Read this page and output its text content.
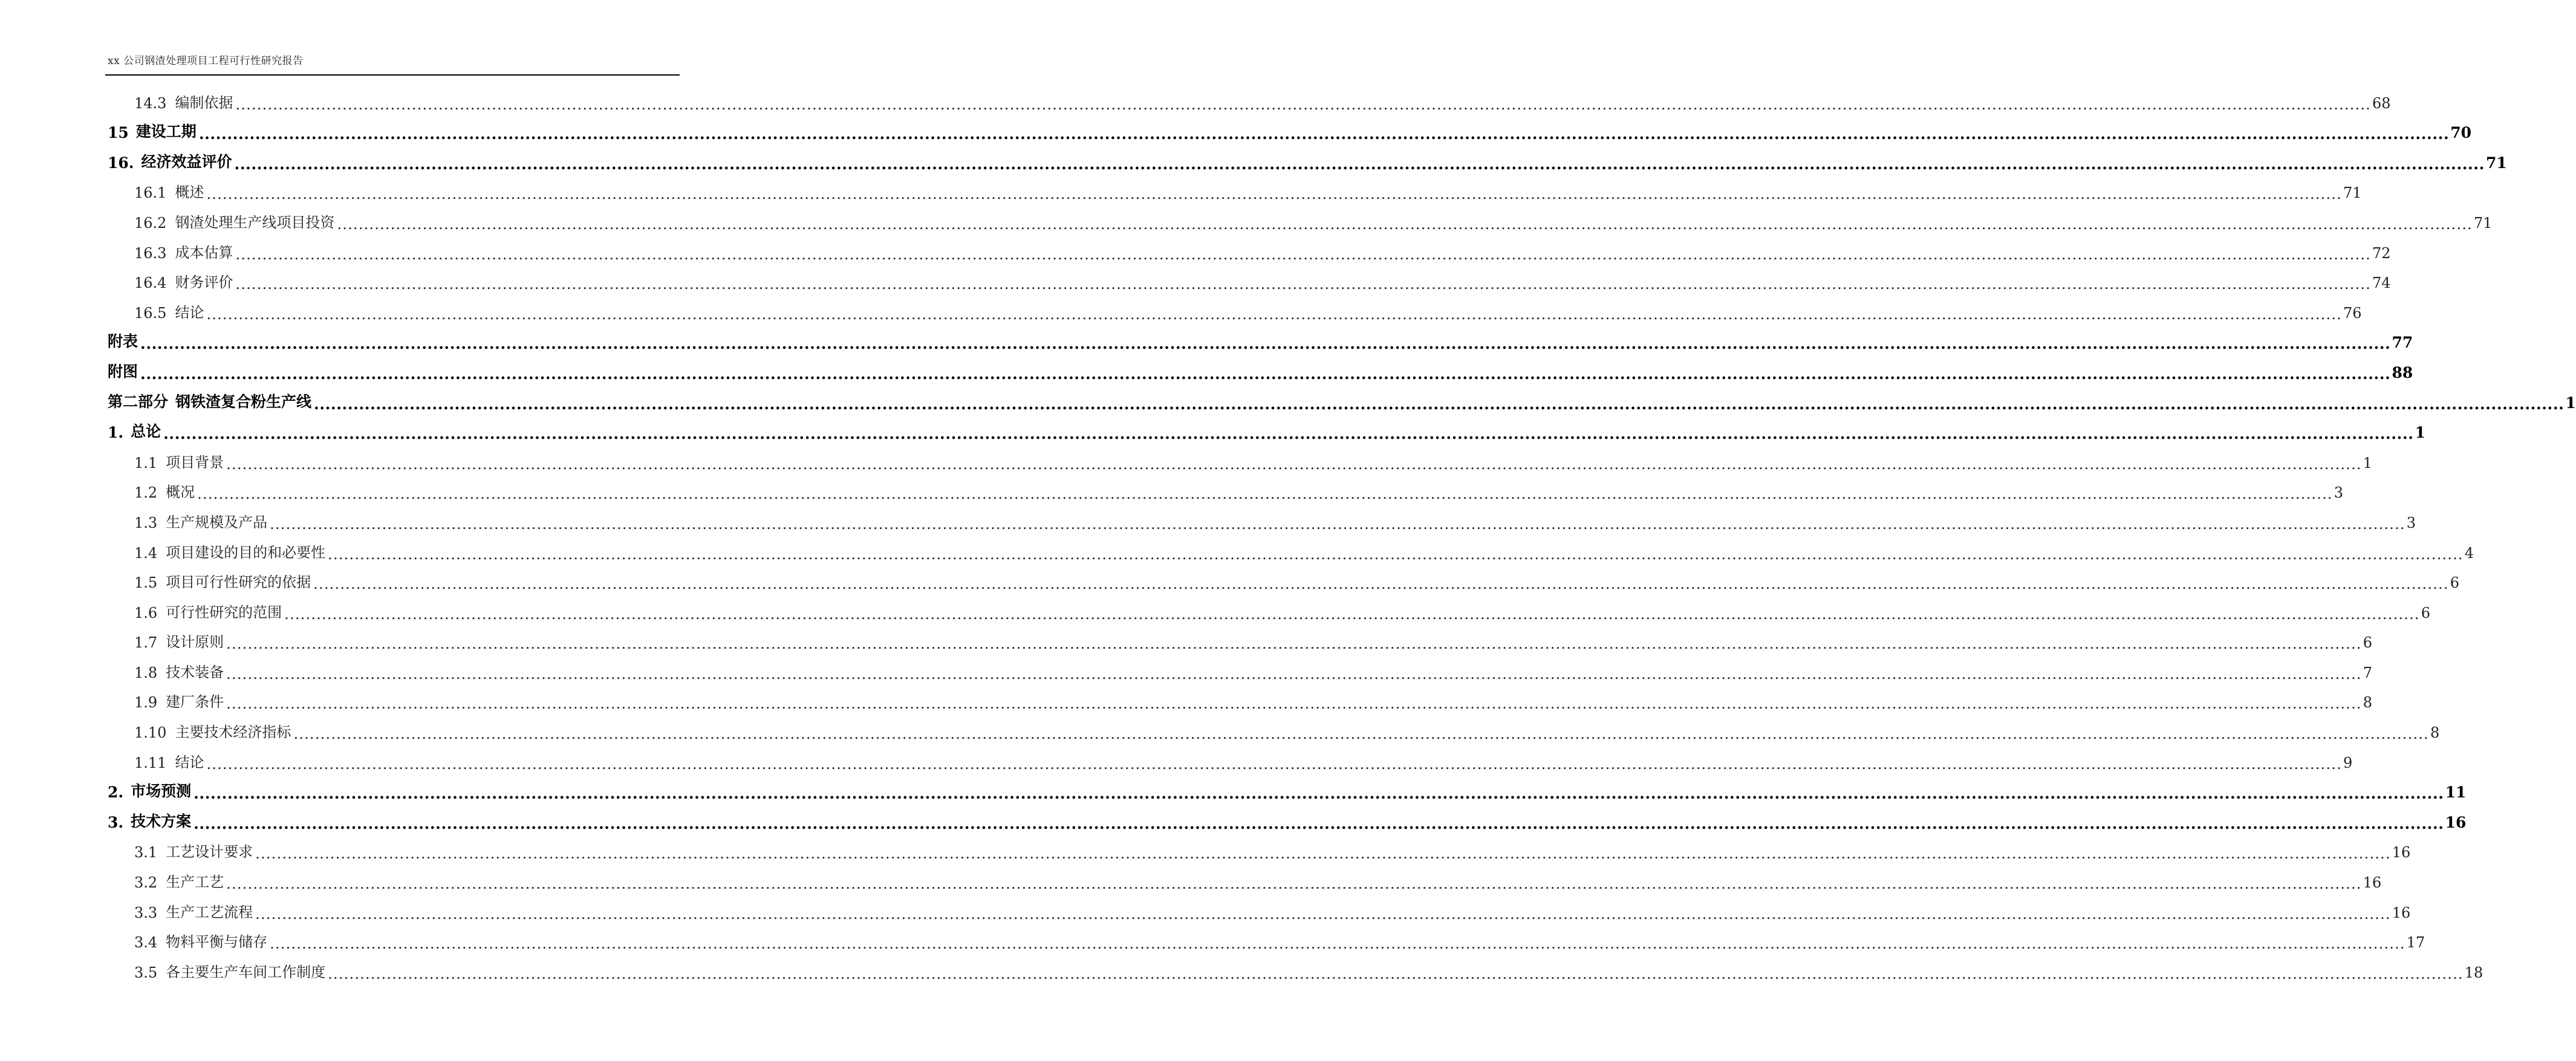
xx 公司钢渣处理项目工程可行性研究报告
14.3 编制依据 ................................................................................................................................................................................................................................................................................................................................................................................................................ 68
15 建设工期 ................................................................................................................................................................................................................................................................................................................................................................................................................ 70
16. 经济效益评价 ................................................................................................................................................................................................................................................................................................................................................................................................................ 71
16.1 概述 ................................................................................................................................................................................................................................................................................................................................................................................................................ 71
16.2 钢渣处理生产线项目投资 ................................................................................................................................................................................................................................................................................................................................................................................................................ 71
16.3 成本估算 ................................................................................................................................................................................................................................................................................................................................................................................................................ 72
16.4 财务评价 ................................................................................................................................................................................................................................................................................................................................................................................................................ 74
16.5 结论 ................................................................................................................................................................................................................................................................................................................................................................................................................ 76
附表 ................................................................................................................................................................................................................................................................................................................................................................................................................ 77
附图 ................................................................................................................................................................................................................................................................................................................................................................................................................ 88
第二部分 钢铁渣复合粉生产线 ................................................................................................................................................................................................................................................................................................................................................................................................................ 1
1. 总论 ................................................................................................................................................................................................................................................................................................................................................................................................................ 1
1.1 项目背景 ................................................................................................................................................................................................................................................................................................................................................................................................................ 1
1.2 概况 ................................................................................................................................................................................................................................................................................................................................................................................................................ 3
1.3 生产规模及产品 ................................................................................................................................................................................................................................................................................................................................................................................................................ 3
1.4 项目建设的目的和必要性 ................................................................................................................................................................................................................................................................................................................................................................................................................ 4
1.5 项目可行性研究的依据 ................................................................................................................................................................................................................................................................................................................................................................................................................ 6
1.6 可行性研究的范围 ................................................................................................................................................................................................................................................................................................................................................................................................................ 6
1.7 设计原则 ................................................................................................................................................................................................................................................................................................................................................................................................................ 6
1.8 技术装备 ................................................................................................................................................................................................................................................................................................................................................................................................................ 7
1.9 建厂条件 ................................................................................................................................................................................................................................................................................................................................................................................................................ 8
1.10 主要技术经济指标 ................................................................................................................................................................................................................................................................................................................................................................................................................ 8
1.11 结论 ................................................................................................................................................................................................................................................................................................................................................................................................................ 9
2. 市场预测 ................................................................................................................................................................................................................................................................................................................................................................................................................ 11
3. 技术方案 ................................................................................................................................................................................................................................................................................................................................................................................................................ 16
3.1 工艺设计要求 ................................................................................................................................................................................................................................................................................................................................................................................................................ 16
3.2 生产工艺 ................................................................................................................................................................................................................................................................................................................................................................................................................ 16
3.3 生产工艺流程 ................................................................................................................................................................................................................................................................................................................................................................................................................ 16
3.4 物料平衡与储存 ................................................................................................................................................................................................................................................................................................................................................................................................................ 17
3.5 各主要生产车间工作制度 ................................................................................................................................................................................................................................................................................................................................................................................................................ 18
